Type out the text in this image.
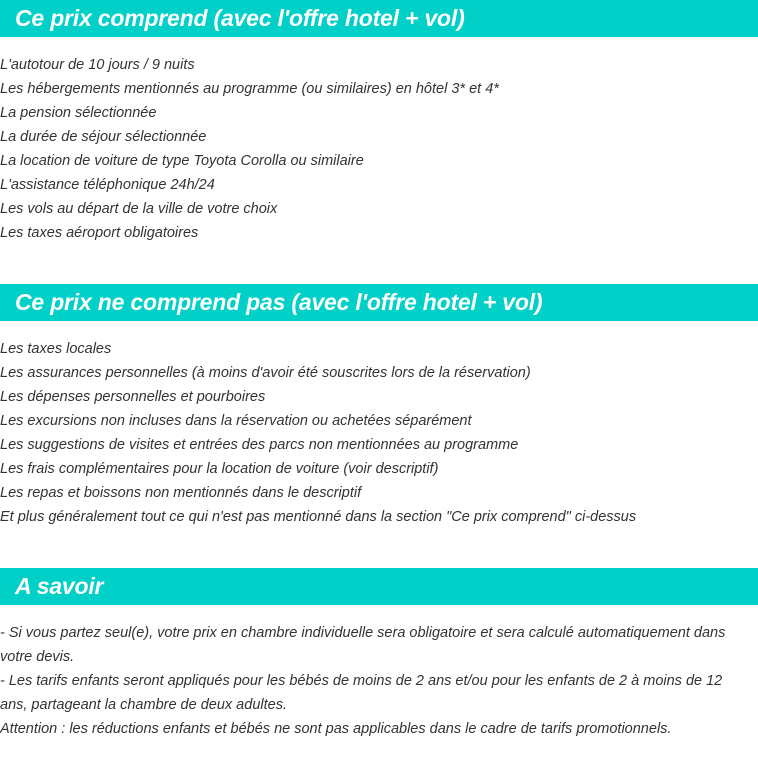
Ce prix comprend (avec l'offre hotel + vol)
L'autotour de 10 jours / 9 nuits
Les hébergements mentionnés au programme (ou similaires) en hôtel 3* et 4*
La pension sélectionnée
La durée de séjour sélectionnée
La location de voiture de type Toyota Corolla ou similaire
L'assistance téléphonique 24h/24
Les vols au départ de la ville de votre choix
Les taxes aéroport obligatoires
Ce prix ne comprend pas (avec l'offre hotel + vol)
Les taxes locales
Les assurances personnelles (à moins d'avoir été souscrites lors de la réservation)
Les dépenses personnelles et pourboires
Les excursions non incluses dans la réservation ou achetées séparément
Les suggestions de visites et entrées des parcs non mentionnées au programme
Les frais complémentaires pour la location de voiture (voir descriptif)
Les repas et boissons non mentionnés dans le descriptif
Et plus généralement tout ce qui n'est pas mentionné dans la section "Ce prix comprend" ci-dessus
A savoir

- Si vous partez seul(e), votre prix en chambre individuelle sera obligatoire et sera calculé automatiquement dans votre devis.

- Les tarifs enfants seront appliqués pour les bébés de moins de 2 ans et/ou pour les enfants de 2 à moins de 12 ans, partageant la chambre de deux adultes.

Attention : les réductions enfants et bébés ne sont pas applicables dans le cadre de tarifs promotionnels.
